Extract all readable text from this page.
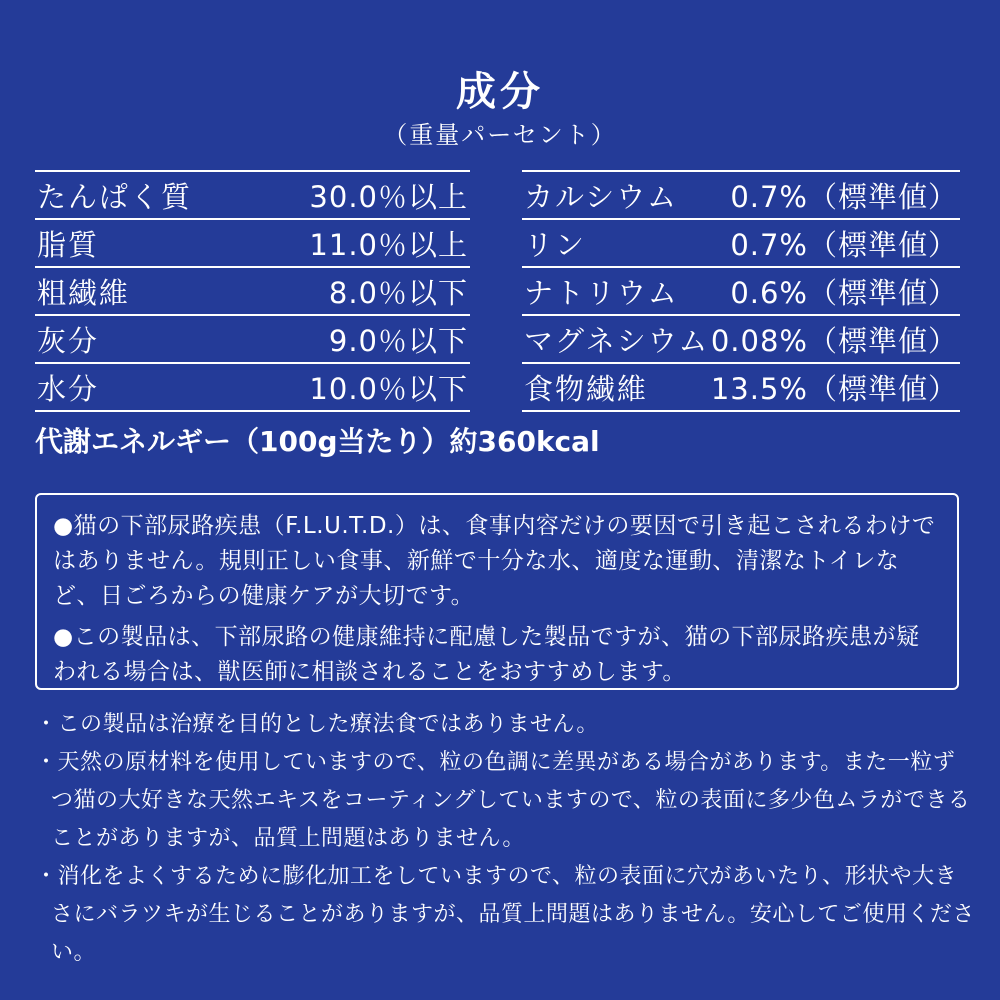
成分
（重量パーセント）
たんぱく質	30.0％以上
脂質	11.0％以上
粗繊維	8.0％以下
灰分	9.0％以下
水分	10.0％以下
カルシウム 0.7%（標準値）
リン	0.7%（標準値）
ナトリウム 0.6%（標準値）
マグネシウム 0.08%（標準値）
食物繊維 13.5%（標準値）
代謝エネルギー（100g当たり）約360kcal
●猫の下部尿路疾患（F.L.U.T.D.）は、食事内容だけの要因で引き起こされるわけではありません。規則正しい食事、新鮮で十分な水、適度な運動、清潔なトイレなど、日ごろからの健康ケアが大切です。
●この製品は、下部尿路の健康維持に配慮した製品ですが、猫の下部尿路疾患が疑われる場合は、獣医師に相談されることをおすすめします。
・この製品は治療を目的とした療法食ではありません。
・天然の原材料を使用していますので、粒の色調に差異がある場合があります。また一粒ずつ猫の大好きな天然エキスをコーティングしていますので、粒の表面に多少色ムラができることがありますが、品質上問題はありません。
・消化をよくするために膨化加工をしていますので、粒の表面に穴があいたり、形状や大きさにバラツキが生じることがありますが、品質上問題はありません。安心してご使用ください。
